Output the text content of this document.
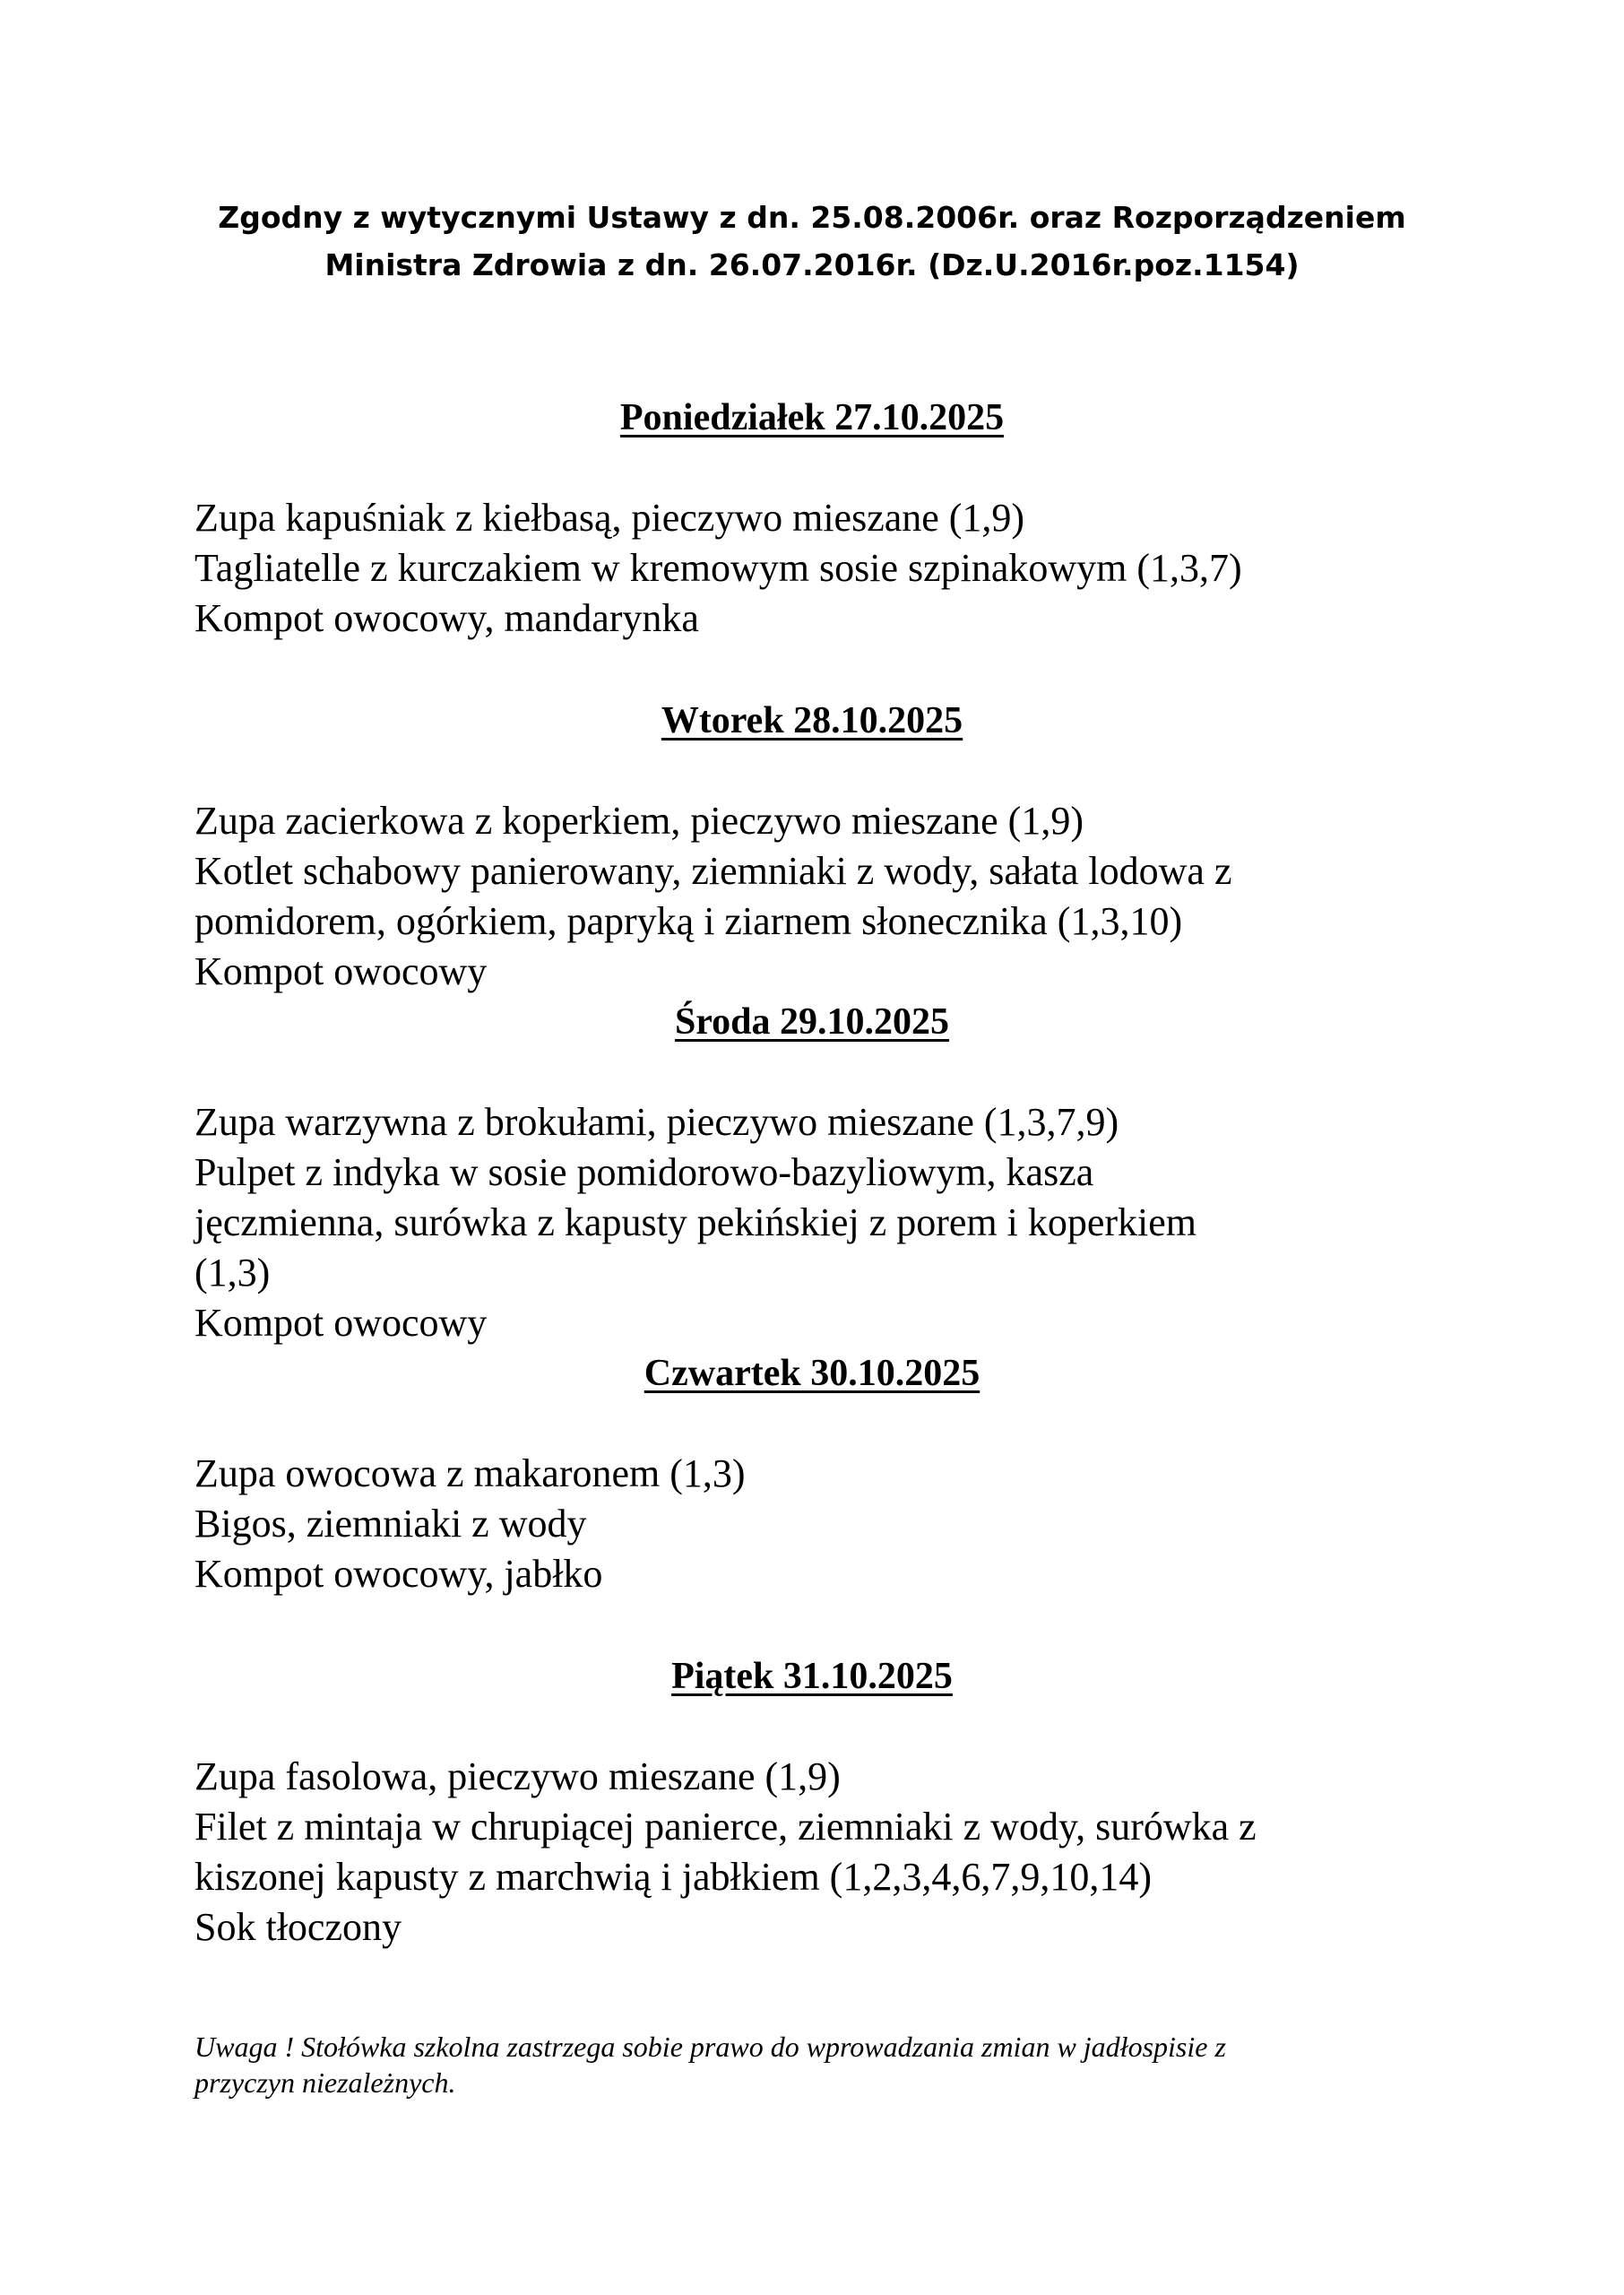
Zgodny z wytycznymi Ustawy z dn. 25.08.2006r. oraz Rozporządzeniem
Ministra Zdrowia z dn. 26.07.2016r. (Dz.U.2016r.poz.1154)
Poniedziałek 27.10.2025
Zupa kapuśniak z kiełbasą, pieczywo mieszane (1,9)
Tagliatelle z kurczakiem w kremowym sosie szpinakowym (1,3,7)
Kompot owocowy, mandarynka
Wtorek 28.10.2025
Zupa zacierkowa z koperkiem, pieczywo mieszane (1,9)
Kotlet schabowy panierowany, ziemniaki z wody, sałata lodowa z
pomidorem, ogórkiem, papryką i ziarnem słonecznika (1,3,10)
Kompot owocowy
Środa 29.10.2025
Zupa warzywna z brokułami, pieczywo mieszane (1,3,7,9)
Pulpet z indyka w sosie pomidorowo-bazyliowym, kasza
jęczmienna, surówka z kapusty pekińskiej z porem i koperkiem
(1,3)
Kompot owocowy
Czwartek 30.10.2025
Zupa owocowa z makaronem (1,3)
Bigos, ziemniaki z wody
Kompot owocowy, jabłko
Piątek 31.10.2025
Zupa fasolowa, pieczywo mieszane (1,9)
Filet z mintaja w chrupiącej panierce, ziemniaki z wody, surówka z
kiszonej kapusty z marchwią i jabłkiem (1,2,3,4,6,7,9,10,14)
Sok tłoczony
Uwaga ! Stołówka szkolna zastrzega sobie prawo do wprowadzania zmian w jadłospisie z
przyczyn niezależnych.
